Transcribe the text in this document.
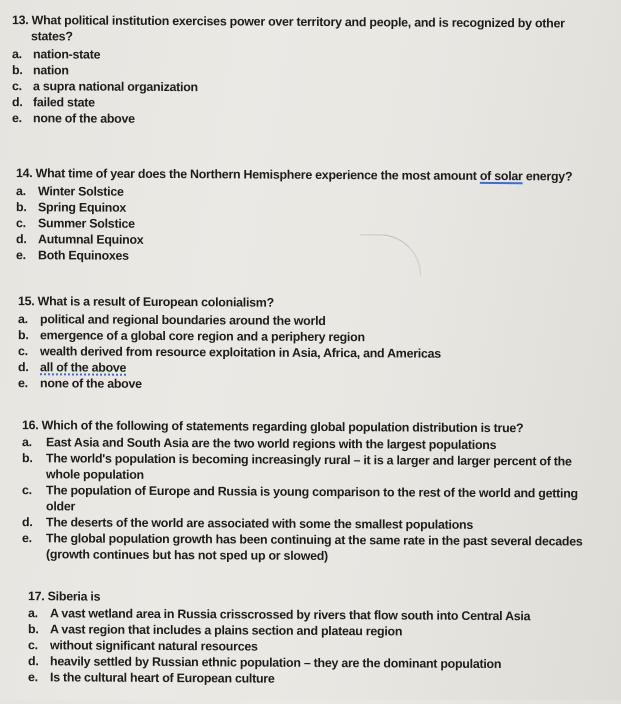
13. What political institution exercises power over territory and people, and is recognized by other
states?
a. nation-state
b. nation
c. a supra national organization
d. failed state
e. none of the above
14. What time of year does the Northern Hemisphere experience the most amount of solar energy?
a. Winter Solstice
b. Spring Equinox
c. Summer Solstice
d. Autumnal Equinox
e. Both Equinoxes
15. What is a result of European colonialism?
a. political and regional boundaries around the world
b. emergence of a global core region and a periphery region
c. wealth derived from resource exploitation in Asia, Africa, and Americas
d. all of the above
e. none of the above
16. Which of the following of statements regarding global population distribution is true?
a. East Asia and South Asia are the two world regions with the largest populations
b. The world's population is becoming increasingly rural – it is a larger and larger percent of the whole population
c. The population of Europe and Russia is young comparison to the rest of the world and getting older
d. The deserts of the world are associated with some the smallest populations
e. The global population growth has been continuing at the same rate in the past several decades (growth continues but has not sped up or slowed)
17. Siberia is
a. A vast wetland area in Russia crisscrossed by rivers that flow south into Central Asia
b. A vast region that includes a plains section and plateau region
c. without significant natural resources
d. heavily settled by Russian ethnic population – they are the dominant population
e. Is the cultural heart of European culture
